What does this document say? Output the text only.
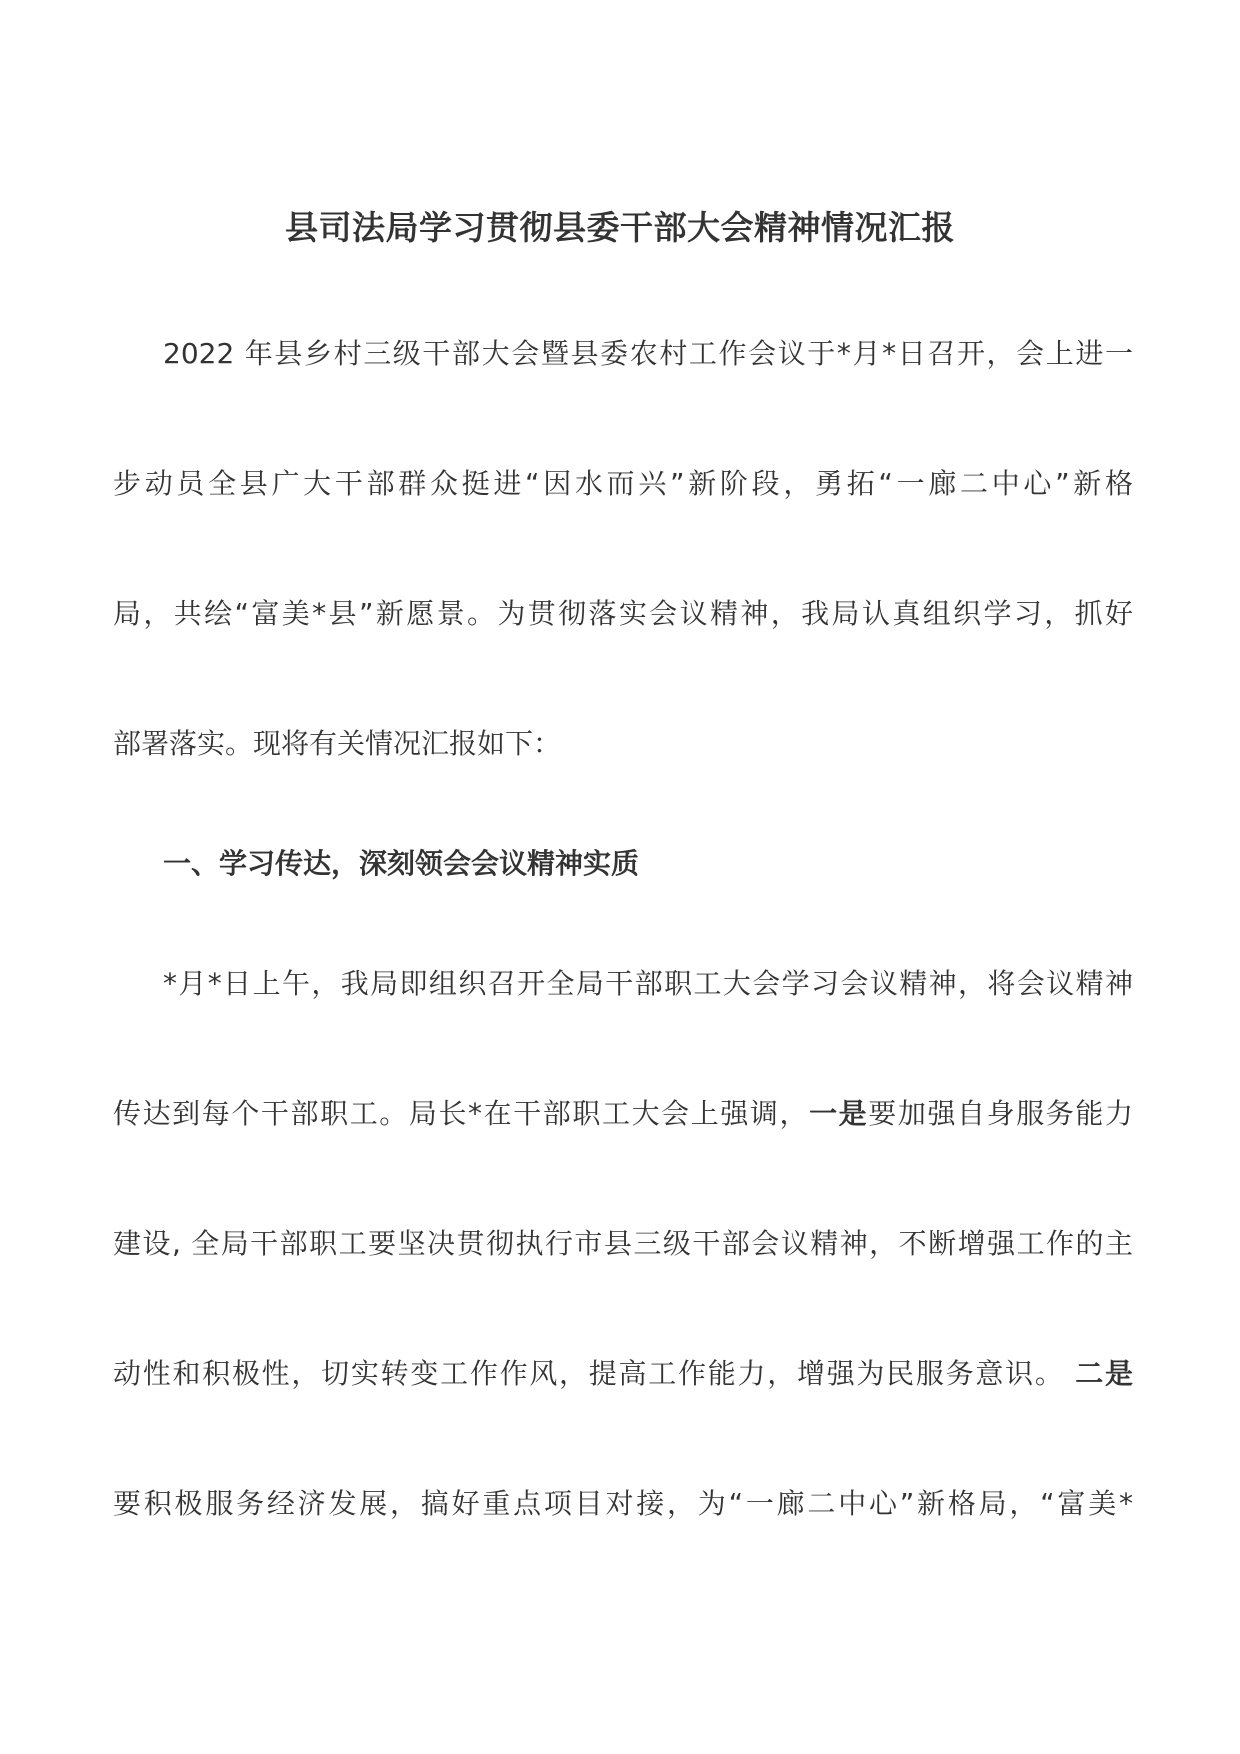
县司法局学习贯彻县委干部大会精神情况汇报

2022 年县乡村三级干部大会暨县委农村工作会议于*月*日召开，会上进一

步动员全县广大干部群众挺进“因水而兴”新阶段，勇拓“一廊二中心”新格

局，共绘“富美*县”新愿景。为贯彻落实会议精神，我局认真组织学习，抓好

部署落实。现将有关情况汇报如下：

一、学习传达，深刻领会会议精神实质

*月*日上午，我局即组织召开全局干部职工大会学习会议精神，将会议精神

传达到每个干部职工。局长*在干部职工大会上强调，一是要加强自身服务能力

建设, 全局干部职工要坚决贯彻执行市县三级干部会议精神，不断增强工作的主

动性和积极性，切实转变工作作风，提高工作能力，增强为民服务意识。 二是

要积极服务经济发展，搞好重点项目对接，为“一廊二中心”新格局，“富美*
